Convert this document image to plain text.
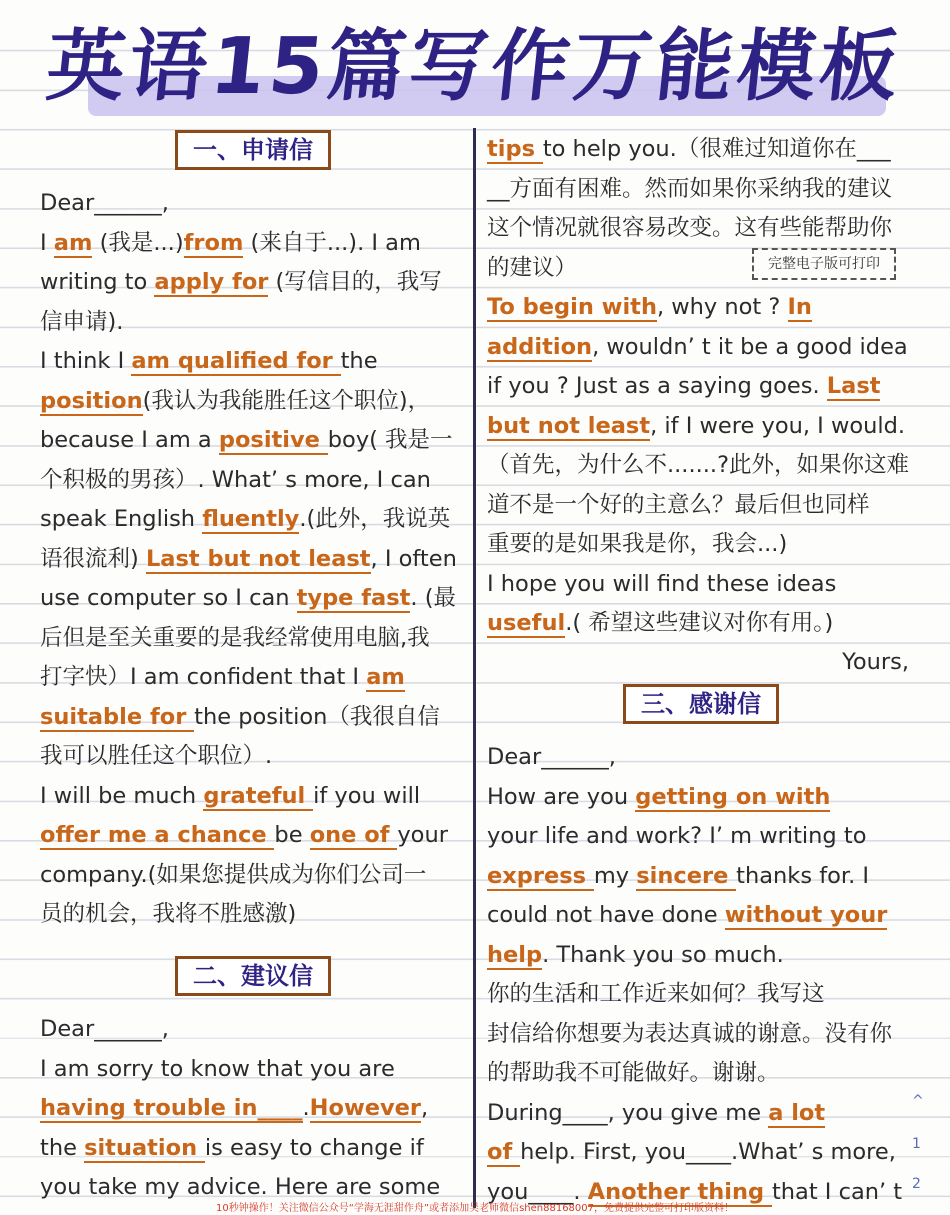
英语15篇写作万能模板
一、申请信
Dear______,
I am (我是...)from (来自于...). I am
writing to apply for (写信目的，我写
信申请).
I think I am qualified for the
position(我认为我能胜任这个职位)，
because I am a positive boy( 我是一
个积极的男孩）. What’ s more, I can
speak English fluently.(此外，我说英
语很流利) Last but not least, I often
use computer so I can type fast. (最
后但是至关重要的是我经常使用电脑,我
打字快）I am confident that I am
suitable for the position（我很自信
我可以胜任这个职位）.
I will be much grateful if you will
offer me a chance be one of your
company.(如果您提供成为你们公司一
员的机会，我将不胜感激)
二、建议信
Dear______,
I am sorry to know that you are
having trouble in____.However,
the situation is easy to change if
you take my advice. Here are some
tips to help you.（很难过知道你在___
__方面有困难。然而如果你采纳我的建议
这个情况就很容易改变。这有些能帮助你
的建议）
To begin with, why not ? In
addition, wouldn’ t it be a good idea
if you ? Just as a saying goes. Last
but not least, if I were you, I would.
（首先，为什么不.......?此外，如果你这难
道不是一个好的主意么？最后但也同样
重要的是如果我是你，我会...)
I hope you will find these ideas
useful.( 希望这些建议对你有用。)
Yours,
完整电子版可打印
三、感谢信
Dear______,
How are you getting on with
your life and work? I’ m writing to
express my sincere thanks for. I
could not have done without your
help. Thank you so much.
你的生活和工作近来如何？我写这
封信给你想要为表达真诚的谢意。没有你
的帮助我不可能做好。谢谢。
During____, you give me a lot
of help. First, you____.What’ s more,
you____. Another thing that I can’ t
^
1
2
10秒钟操作！关注微信公众号“学海无涯甜作舟”或者添加吴老师微信shen88168007，免费提供完整可打印版资料！
